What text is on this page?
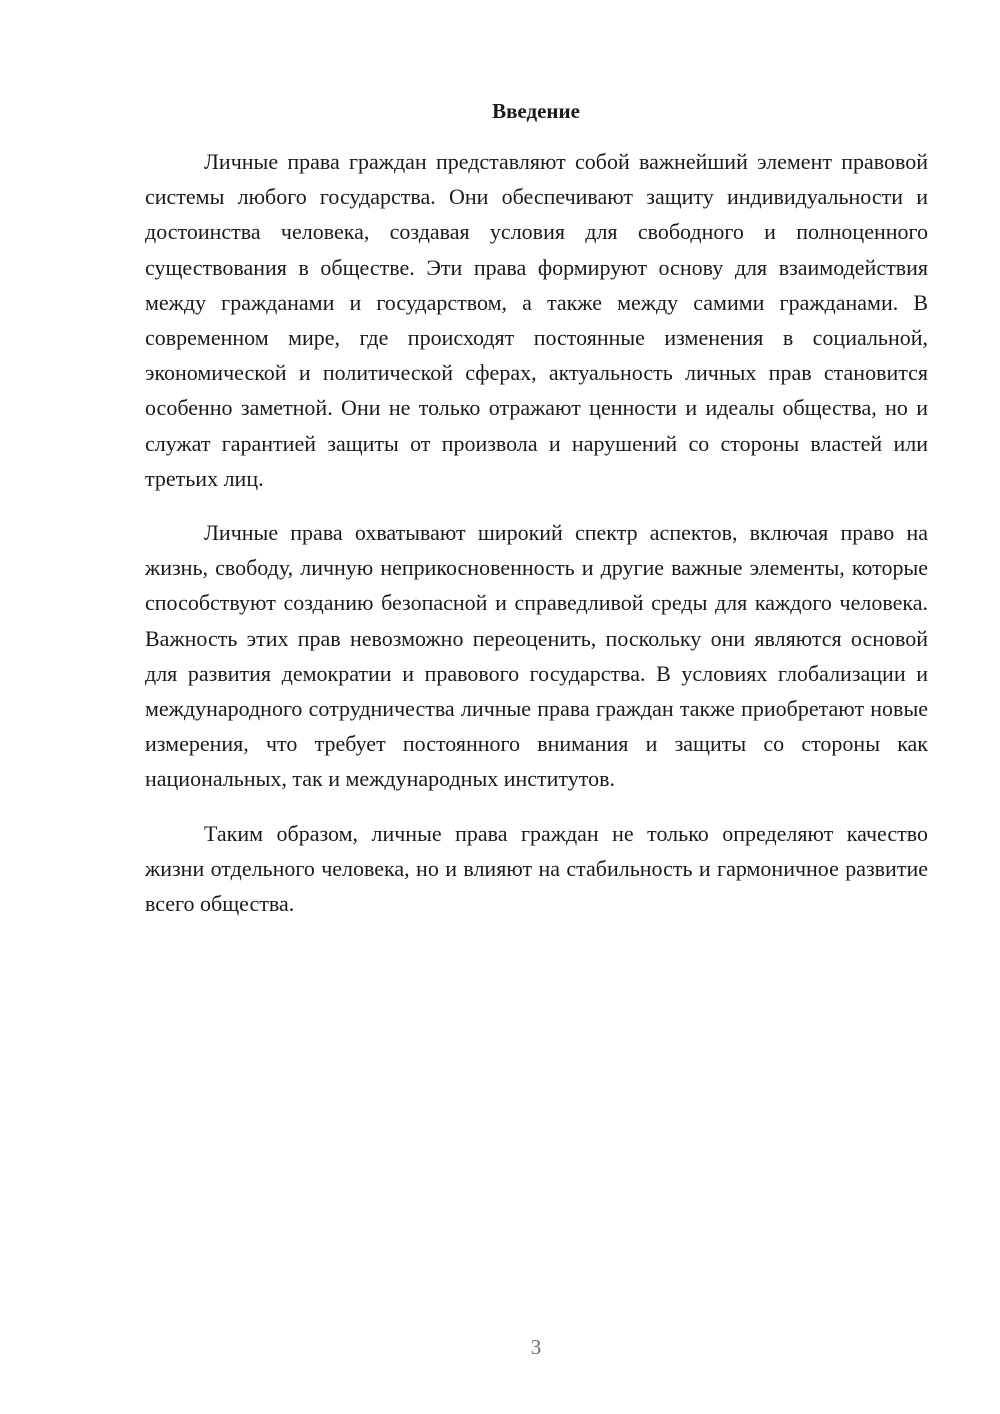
Введение

Личные права граждан представляют собой важнейший элемент правовой системы любого государства. Они обеспечивают защиту индивидуальности и достоинства человека, создавая условия для свободного и полноценного существования в обществе. Эти права формируют основу для взаимодействия между гражданами и государством, а также между самими гражданами. В современном мире, где происходят постоянные изменения в социальной, экономической и политической сферах, актуальность личных прав становится особенно заметной. Они не только отражают ценности и идеалы общества, но и служат гарантией защиты от произвола и нарушений со стороны властей или третьих лиц.

Личные права охватывают широкий спектр аспектов, включая право на жизнь, свободу, личную неприкосновенность и другие важные элементы, которые способствуют созданию безопасной и справедливой среды для каждого человека. Важность этих прав невозможно переоценить, поскольку они являются основой для развития демократии и правового государства. В условиях глобализации и международного сотрудничества личные права граждан также приобретают новые измерения, что требует постоянного внимания и защиты со стороны как национальных, так и международных институтов.

Таким образом, личные права граждан не только определяют качество жизни отдельного человека, но и влияют на стабильность и гармоничное развитие всего общества.

3
